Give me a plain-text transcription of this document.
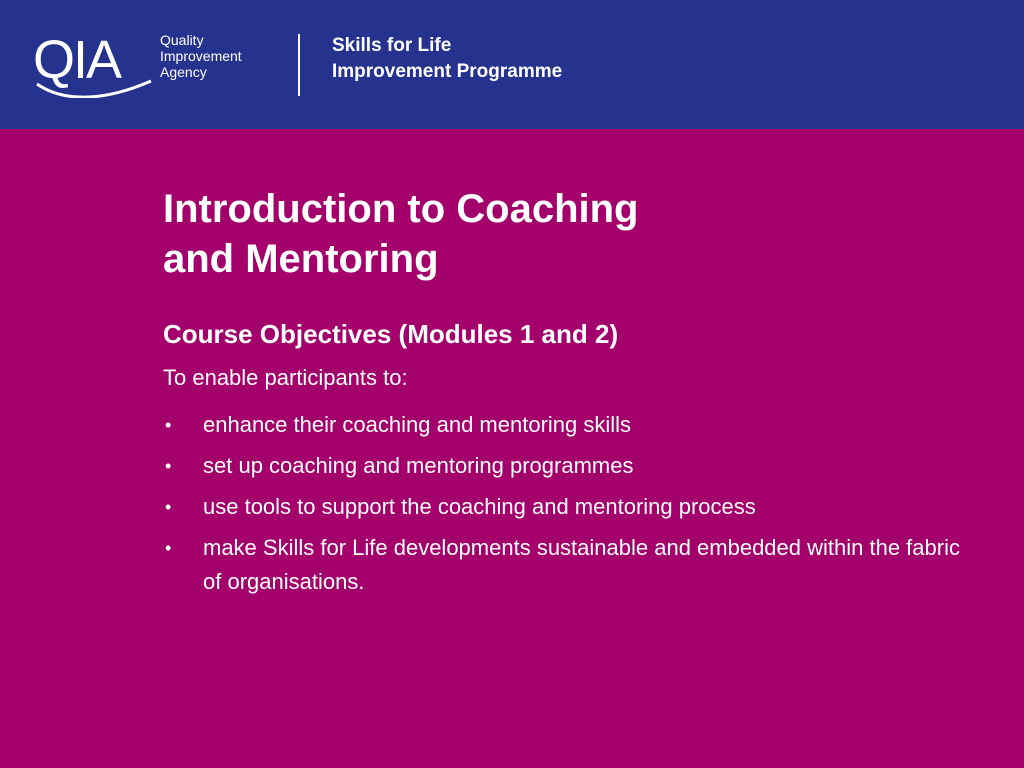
QIA	Quality
Improvement
Agency
Skills for Life
Improvement Programme
Introduction to Coaching
and Mentoring
Course Objectives (Modules 1 and 2)

To enable participants to:

• enhance their coaching and mentoring skills
• set up coaching and mentoring programmes
• use tools to support the coaching and mentoring process
• make Skills for Life developments sustainable and embedded within the fabric of organisations.
